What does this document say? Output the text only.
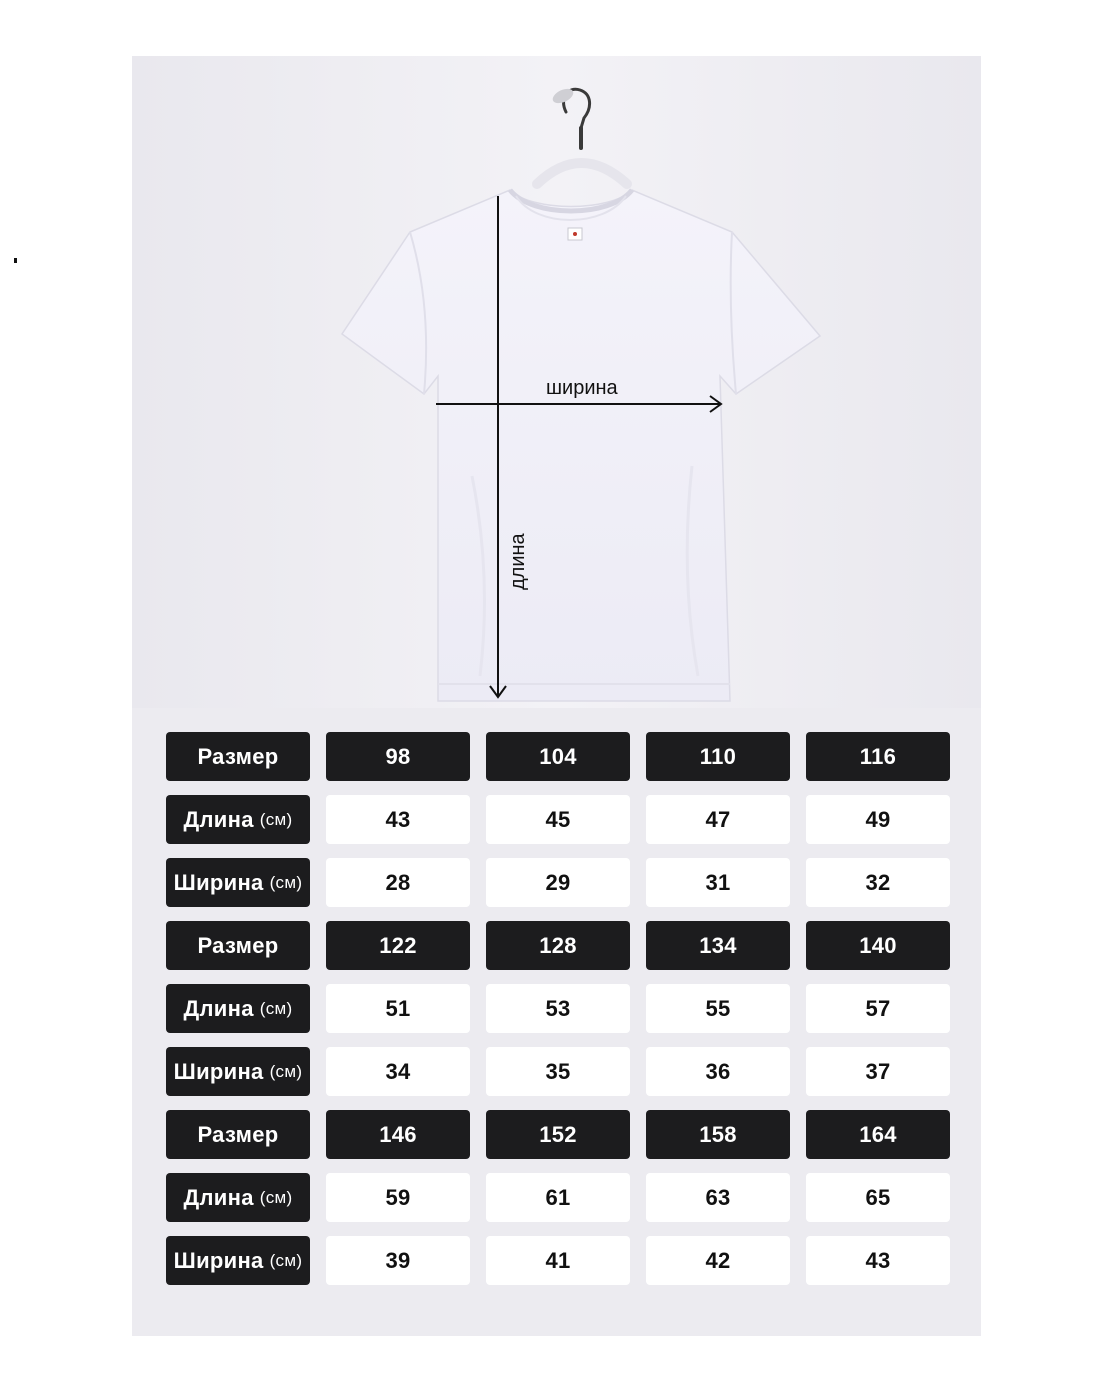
ширина
длина
Размер	98	104	110	116
Длина (см)	43	45	47	49
Ширина (см)	28	29	31	32
Размер	122	128	134	140
Длина (см)	51	53	55	57
Ширина (см)	34	35	36	37
Размер	146	152	158	164
Длина (см)	59	61	63	65
Ширина (см)	39	41	42	43
